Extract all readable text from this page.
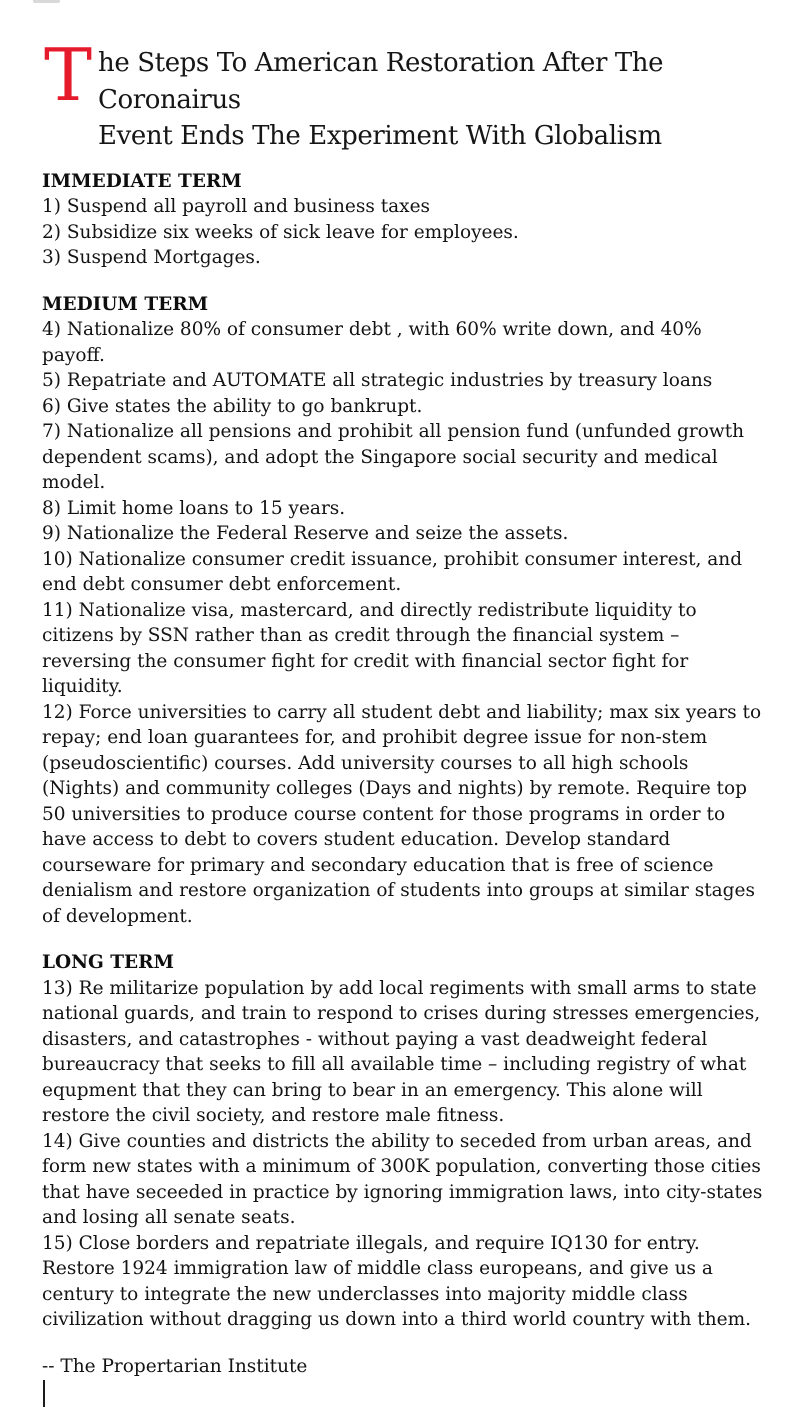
T he Steps To American Restoration After The Coronairus
Event Ends The Experiment With Globalism
IMMEDIATE TERM

1) Suspend all payroll and business taxes

2) Subsidize six weeks of sick leave for employees.

3) Suspend Mortgages.

MEDIUM TERM

4) Nationalize 80% of consumer debt , with 60% write down, and 40% payoff.

5) Repatriate and AUTOMATE all strategic industries by treasury loans

6) Give states the ability to go bankrupt.

7) Nationalize all pensions and prohibit all pension fund (unfunded growth dependent scams), and adopt the Singapore social security and medical model.

8) Limit home loans to 15 years.

9) Nationalize the Federal Reserve and seize the assets.

10) Nationalize consumer credit issuance, prohibit consumer interest, and end debt consumer debt enforcement.

11) Nationalize visa, mastercard, and directly redistribute liquidity to citizens by SSN rather than as credit through the financial system – reversing the consumer fight for credit with financial sector fight for liquidity.

12) Force universities to carry all student debt and liability; max six years to repay; end loan guarantees for, and prohibit degree issue for non-stem (pseudoscientific) courses. Add university courses to all high schools (Nights) and community colleges (Days and nights) by remote. Require top 50 universities to produce course content for those programs in order to have access to debt to covers student education. Develop standard courseware for primary and secondary education that is free of science denialism and restore organization of students into groups at similar stages of development.

LONG TERM

13) Re militarize population by add local regiments with small arms to state national guards, and train to respond to crises during stresses emergencies, disasters, and catastrophes - without paying a vast deadweight federal bureaucracy that seeks to fill all available time – including registry of what equpment that they can bring to bear in an emergency. This alone will restore the civil society, and restore male fitness.

14) Give counties and districts the ability to seceded from urban areas, and form new states with a minimum of 300K population, converting those cities that have seceeded in practice by ignoring immigration laws, into city-states and losing all senate seats.

15) Close borders and repatriate illegals, and require IQ130 for entry. Restore 1924 immigration law of middle class europeans, and give us a century to integrate the new underclasses into majority middle class civilization without dragging us down into a third world country with them.

-- The Propertarian Institute
